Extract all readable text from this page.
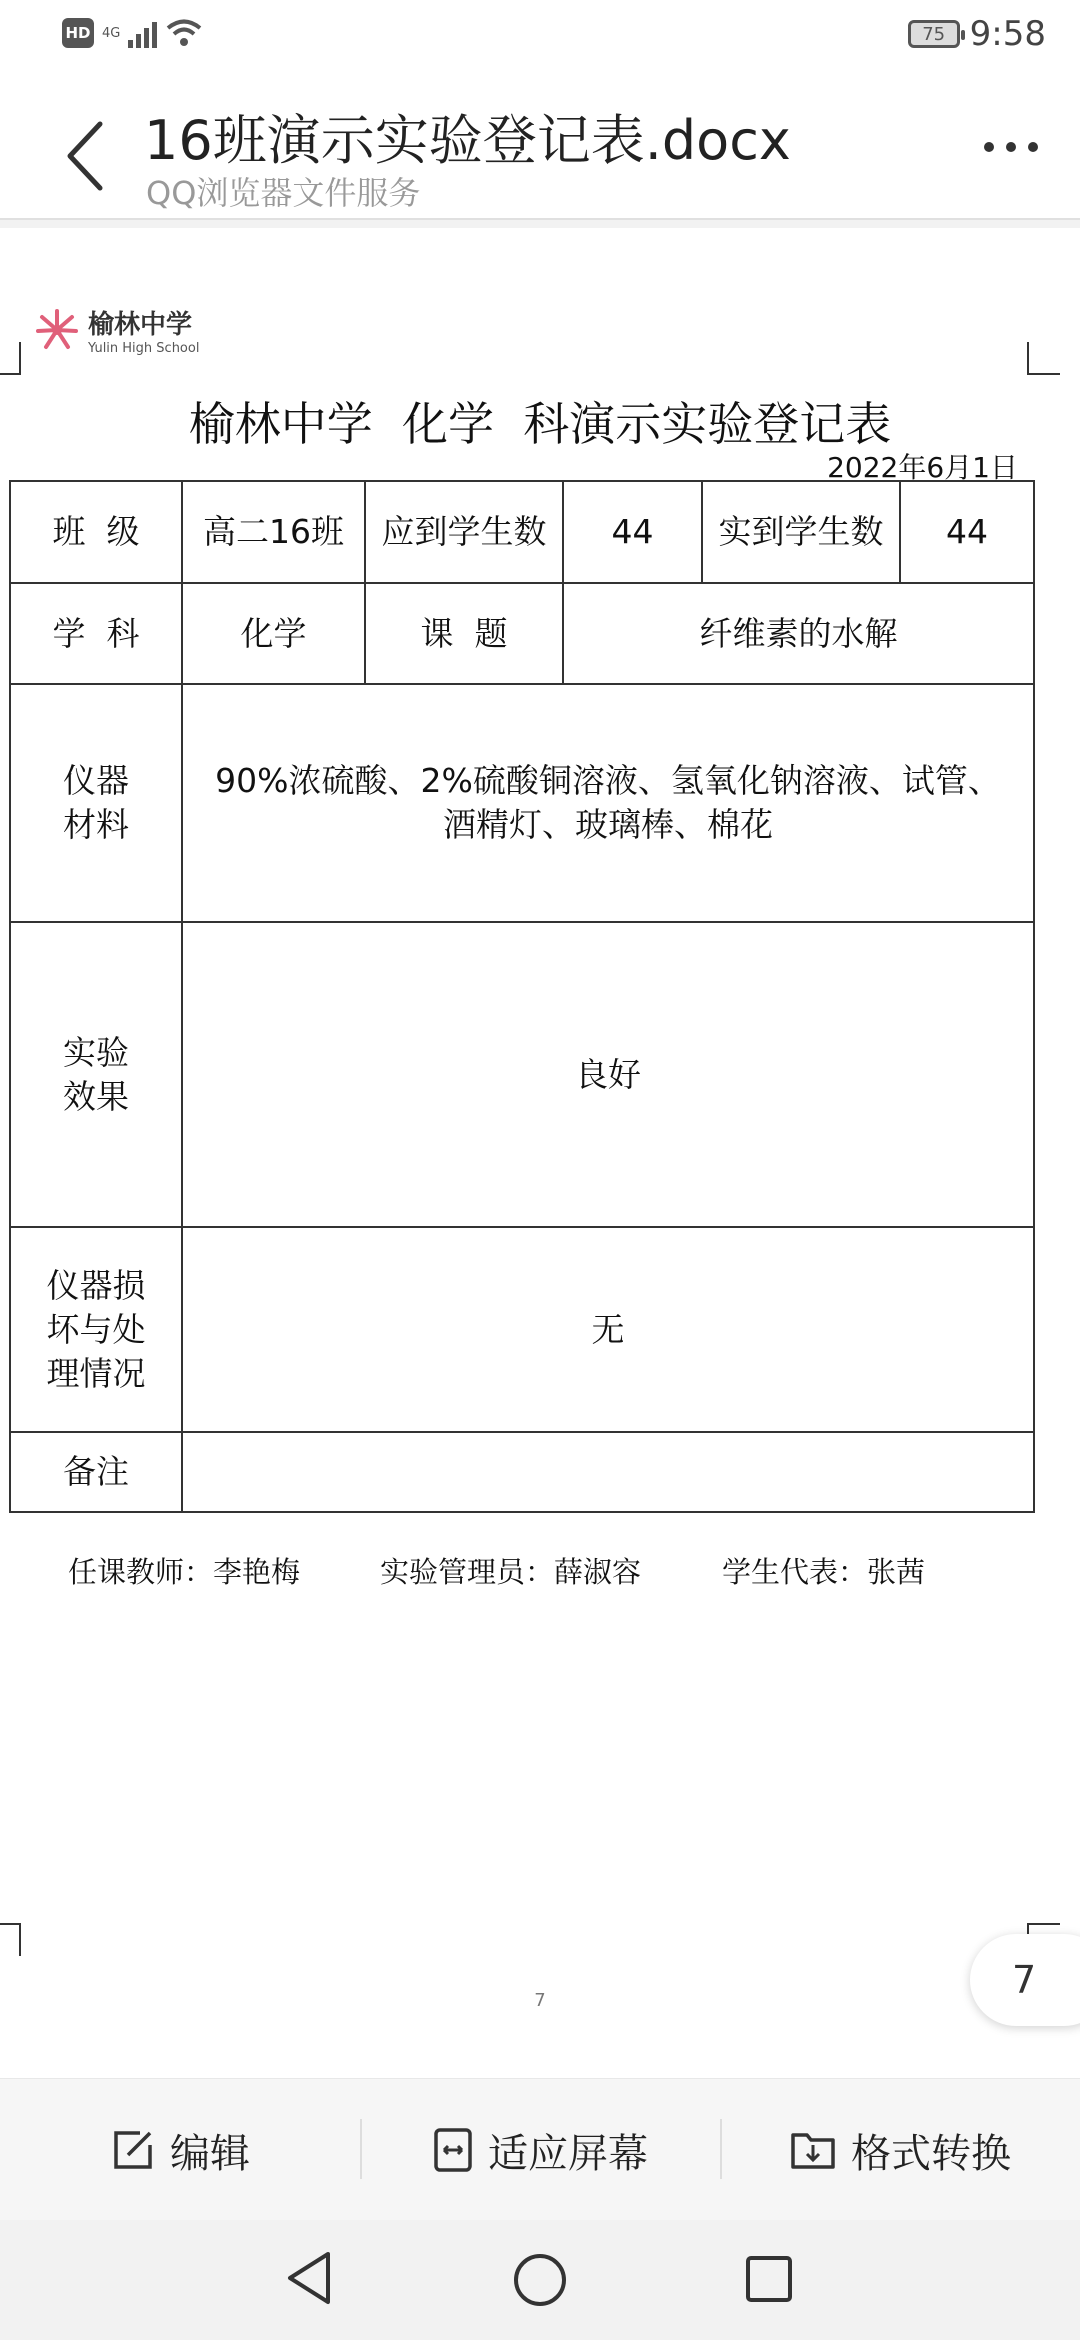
HD 4G	75 9:58
16班演示实验登记表.docx
QQ浏览器文件服务
榆林中学
Yulin High School
榆林中学  化学  科演示实验登记表
2022年6月1日
班  级	高二16班	应到学生数	44	实到学生数	44
学  科	化学	课  题	纤维素的水解		
仪器
材料	90%浓硫酸、2%硫酸铜溶液、氢氧化钠溶液、试管、
酒精灯、玻璃棒、棉花				
实验
效果	良好				
仪器损
坏与处
理情况	无				
备注					
任课教师：李艳梅	实验管理员：薛淑容	学生代表：张茜
7	7
编辑	适应屏幕	格式转换
